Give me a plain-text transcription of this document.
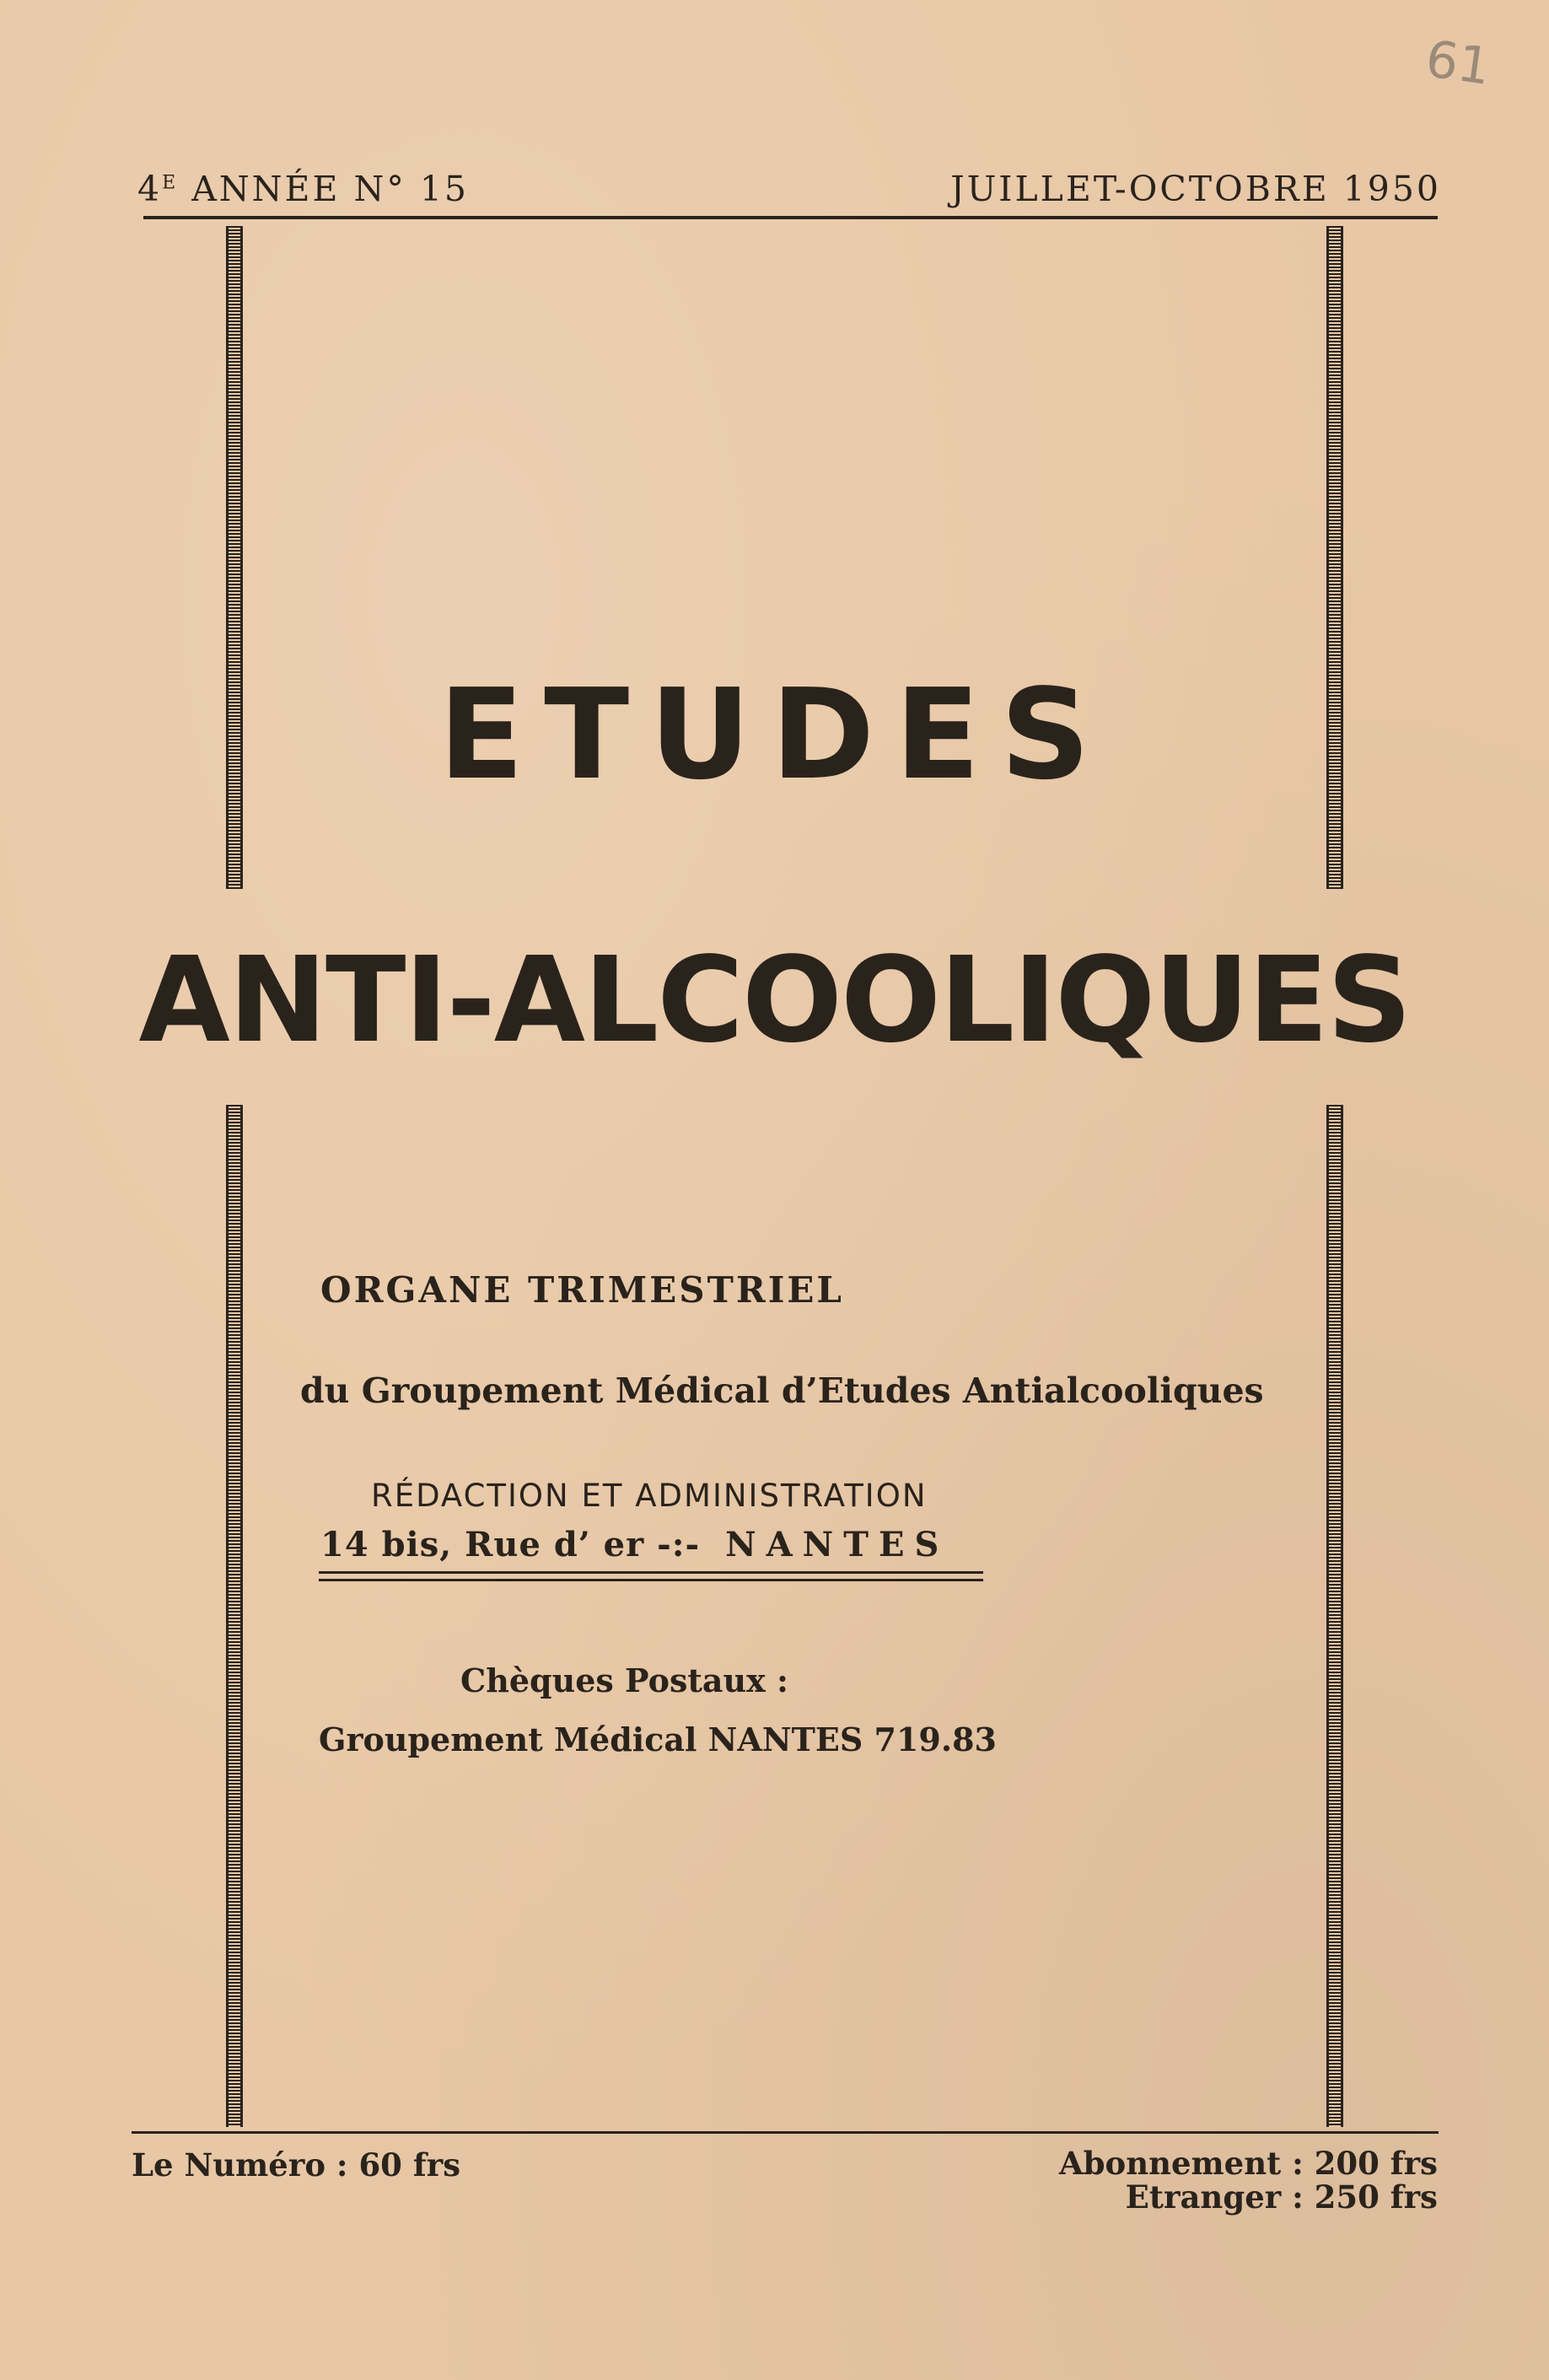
61
$4^E$ ANNÉE N° 15	JUILLET-OCTOBRE 1950
ETUDES
ANTI-ALCOOLIQUES
ORGANE TRIMESTRIEL
du Groupement Médical d’Etudes Antialcooliques
RÉDACTION ET ADMINISTRATION
14 bis, Rue d’ er -:- NANTES
Chèques Postaux :
Groupement Médical NANTES 719.83
Le Numéro : 60 frs	Abonnement : 200 frs
Etranger : 250 frs
